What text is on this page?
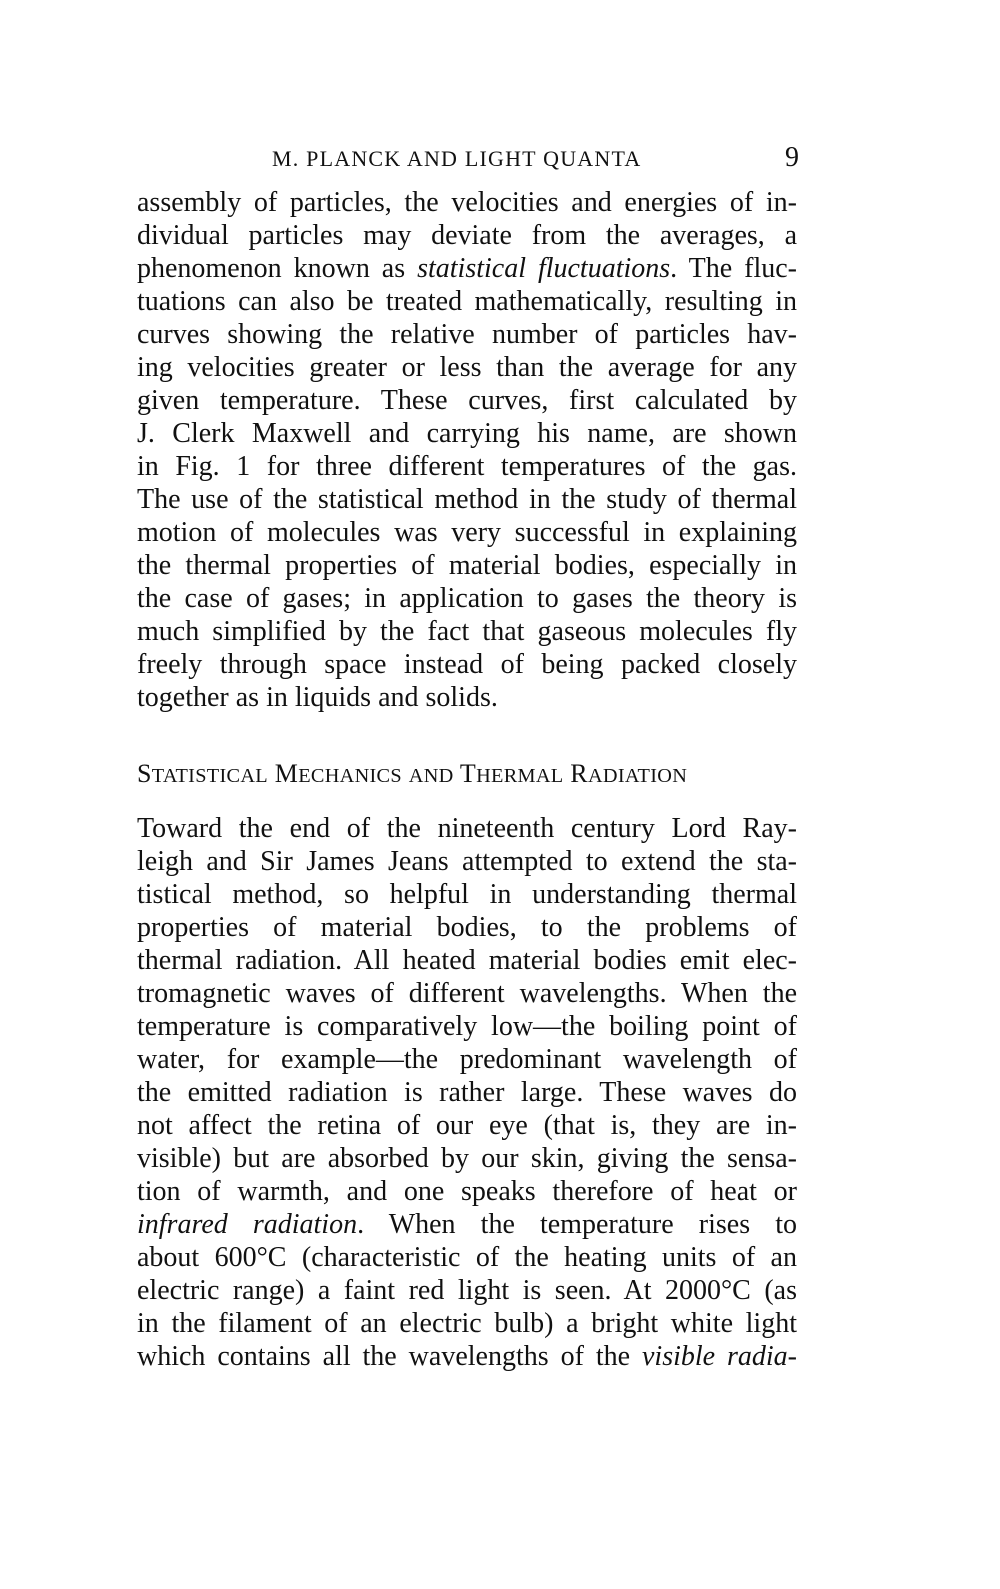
M. PLANCK AND LIGHT QUANTA	9
assembly of particles, the velocities and energies of in-
dividual particles may deviate from the averages, a
phenomenon known as statistical fluctuations. The fluc-
tuations can also be treated mathematically, resulting in
curves showing the relative number of particles hav-
ing velocities greater or less than the average for any
given temperature. These curves, first calculated by
J. Clerk Maxwell and carrying his name, are shown
in Fig. 1 for three different temperatures of the gas.
The use of the statistical method in the study of thermal
motion of molecules was very successful in explaining
the thermal properties of material bodies, especially in
the case of gases; in application to gases the theory is
much simplified by the fact that gaseous molecules fly
freely through space instead of being packed closely
together as in liquids and solids.
STATISTICAL MECHANICS AND THERMAL RADIATION
Toward the end of the nineteenth century Lord Ray-
leigh and Sir James Jeans attempted to extend the sta-
tistical method, so helpful in understanding thermal
properties of material bodies, to the problems of
thermal radiation. All heated material bodies emit elec-
tromagnetic waves of different wavelengths. When the
temperature is comparatively low—the boiling point of
water, for example—the predominant wavelength of
the emitted radiation is rather large. These waves do
not affect the retina of our eye (that is, they are in-
visible) but are absorbed by our skin, giving the sensa-
tion of warmth, and one speaks therefore of heat or
infrared radiation. When the temperature rises to
about 600°C (characteristic of the heating units of an
electric range) a faint red light is seen. At 2000°C (as
in the filament of an electric bulb) a bright white light
which contains all the wavelengths of the visible radia-
